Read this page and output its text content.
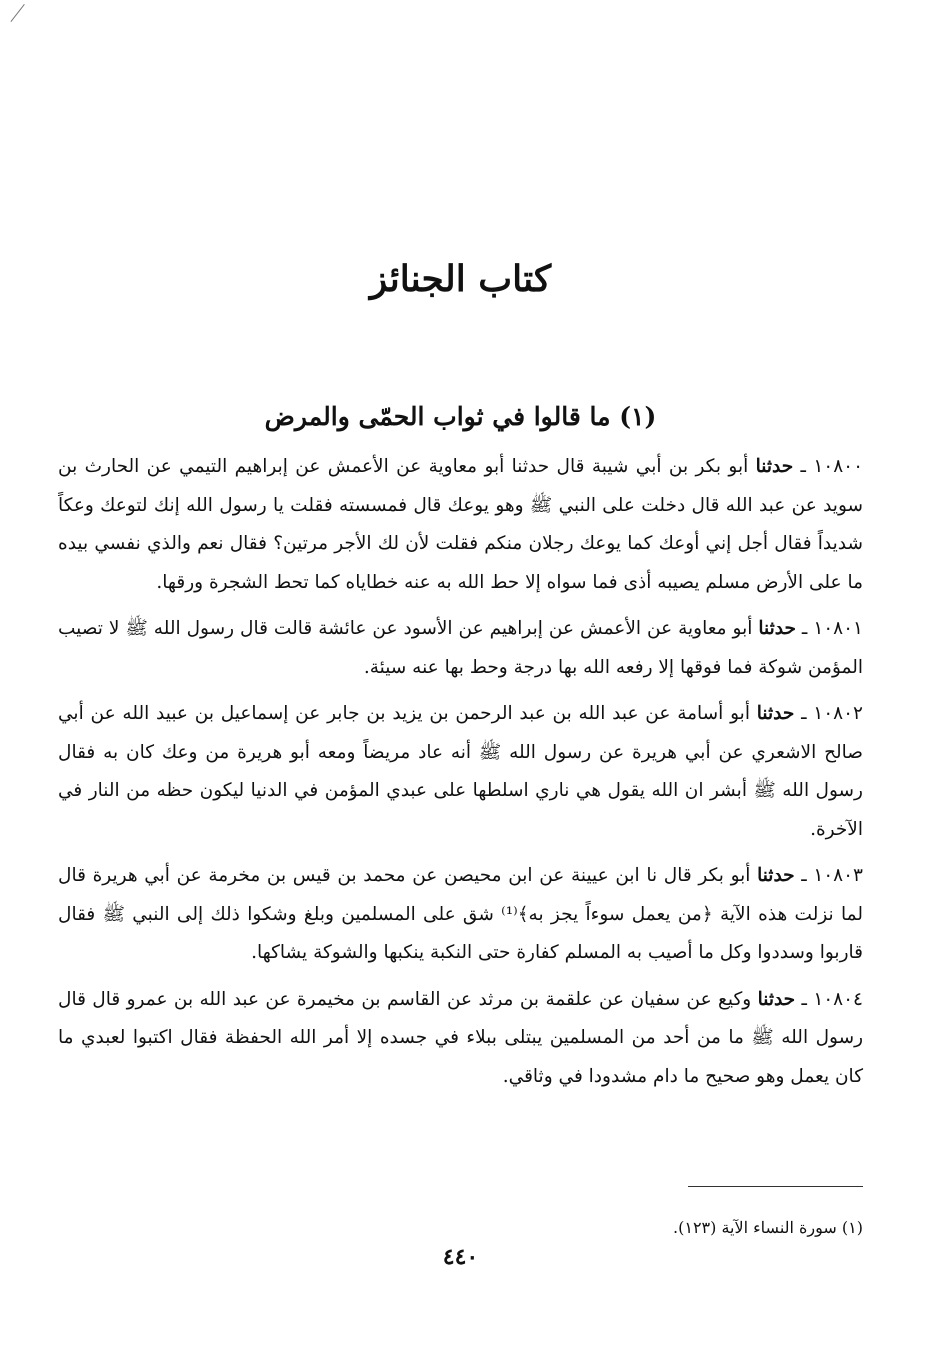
كتاب الجنائز
(١) ما قالوا في ثواب الحمّى والمرض

١٠٨٠٠ ـ حدثنا أبو بكر بن أبي شيبة قال حدثنا أبو معاوية عن الأعمش عن إبراهيم التيمي عن الحارث بن سويد عن عبد الله قال دخلت على النبي ﷺ وهو يوعك قال فمسسته فقلت يا رسول الله إنك لتوعك وعكاً شديداً فقال أجل إني أوعك كما يوعك رجلان منكم فقلت لأن لك الأجر مرتين؟ فقال نعم والذي نفسي بيده ما على الأرض مسلم يصيبه أذى فما سواه إلا حط الله به عنه خطاياه كما تحط الشجرة ورقها.

١٠٨٠١ ـ حدثنا أبو معاوية عن الأعمش عن إبراهيم عن الأسود عن عائشة قالت قال رسول الله ﷺ لا تصيب المؤمن شوكة فما فوقها إلا رفعه الله بها درجة وحط بها عنه سيئة.

١٠٨٠٢ ـ حدثنا أبو أسامة عن عبد الله بن عبد الرحمن بن يزيد بن جابر عن إسماعيل بن عبيد الله عن أبي صالح الاشعري عن أبي هريرة عن رسول الله ﷺ أنه عاد مريضاً ومعه أبو هريرة من وعك كان به فقال رسول الله ﷺ أبشر ان الله يقول هي ناري اسلطها على عبدي المؤمن في الدنيا ليكون حظه من النار في الآخرة.

١٠٨٠٣ ـ حدثنا أبو بكر قال نا ابن عيينة عن ابن محيصن عن محمد بن قيس بن مخرمة عن أبي هريرة قال لما نزلت هذه الآية ﴿من يعمل سوءاً يجز به﴾⁽¹⁾ شق على المسلمين وبلغ وشكوا ذلك إلى النبي ﷺ فقال قاربوا وسددوا وكل ما أصيب به المسلم كفارة حتى النكبة ينكبها والشوكة يشاكها.

١٠٨٠٤ ـ حدثنا وكيع عن سفيان عن علقمة بن مرثد عن القاسم بن مخيمرة عن عبد الله بن عمرو قال قال رسول الله ﷺ ما من أحد من المسلمين يبتلى ببلاء في جسده إلا أمر الله الحفظة فقال اكتبوا لعبدي ما كان يعمل وهو صحيح ما دام مشدودا في وثاقي.

(١) سورة النساء الآية (١٢٣).

٤٤٠
